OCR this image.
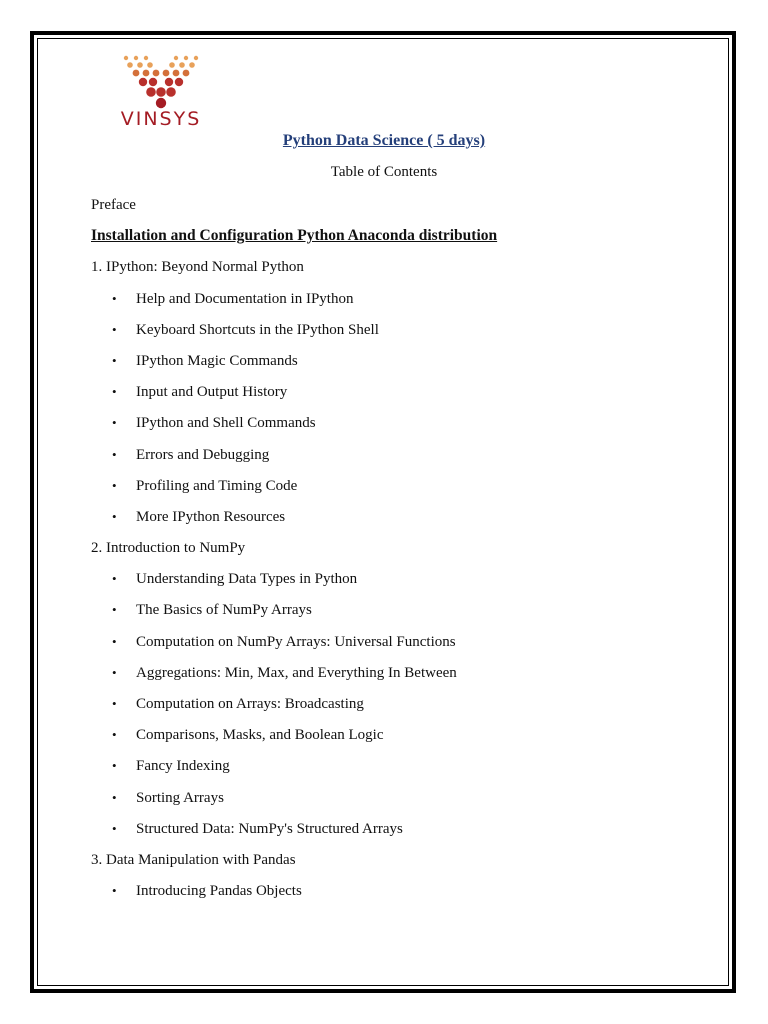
VINSYS
Python Data Science ( 5 days)
Table of Contents
Preface
Installation and Configuration Python Anaconda distribution
1. IPython: Beyond Normal Python
• Help and Documentation in IPython
• Keyboard Shortcuts in the IPython Shell
• IPython Magic Commands
• Input and Output History
• IPython and Shell Commands
• Errors and Debugging
• Profiling and Timing Code
• More IPython Resources
2. Introduction to NumPy
• Understanding Data Types in Python
• The Basics of NumPy Arrays
• Computation on NumPy Arrays: Universal Functions
• Aggregations: Min, Max, and Everything In Between
• Computation on Arrays: Broadcasting
• Comparisons, Masks, and Boolean Logic
• Fancy Indexing
• Sorting Arrays
• Structured Data: NumPy's Structured Arrays
3. Data Manipulation with Pandas
• Introducing Pandas Objects
